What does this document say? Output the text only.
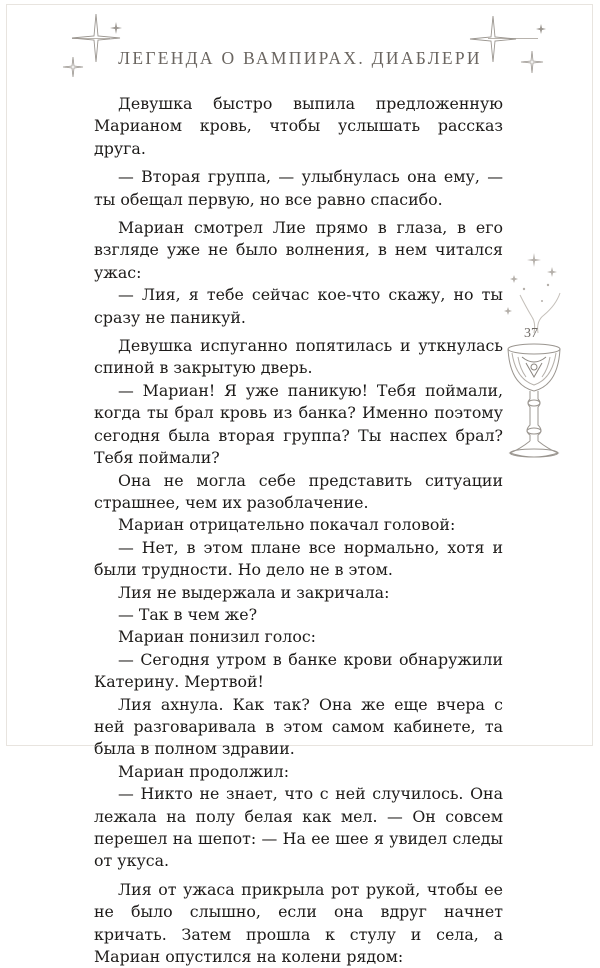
ЛЕГЕНДА О ВАМПИРАХ. ДИАБЛЕРИ

Девушка быстро выпила предложенную Марианом кровь, чтобы услышать рассказ друга.

— Вторая группа, — улыбнулась она ему, — ты обещал первую, но все равно спасибо.

Мариан смотрел Лие прямо в глаза, в его взгляде уже не было волнения, в нем читался ужас:

— Лия, я тебе сейчас кое-что скажу, но ты сразу не паникуй.

Девушка испуганно попятилась и уткнулась спиной в закрытую дверь.

— Мариан! Я уже паникую! Тебя поймали, когда ты брал кровь из банка? Именно поэтому сегодня была вторая группа? Ты наспех брал? Тебя поймали?

Она не могла себе представить ситуации страшнее, чем их разоблачение.

Мариан отрицательно покачал головой:

— Нет, в этом плане все нормально, хотя и были трудности. Но дело не в этом.

Лия не выдержала и закричала:

— Так в чем же?

Мариан понизил голос:

— Сегодня утром в банке крови обнаружили Катерину. Мертвой!

Лия ахнула. Как так? Она же еще вчера с ней разговаривала в этом самом кабинете, та была в полном здравии.

Мариан продолжил:

— Никто не знает, что с ней случилось. Она лежала на полу белая как мел. — Он совсем перешел на шепот: — На ее шее я увидел следы от укуса.

Лия от ужаса прикрыла рот рукой, чтобы ее не было слышно, если она вдруг начнет кричать. Затем прошла к стулу и села, а Мариан опустился на колени рядом:

37
